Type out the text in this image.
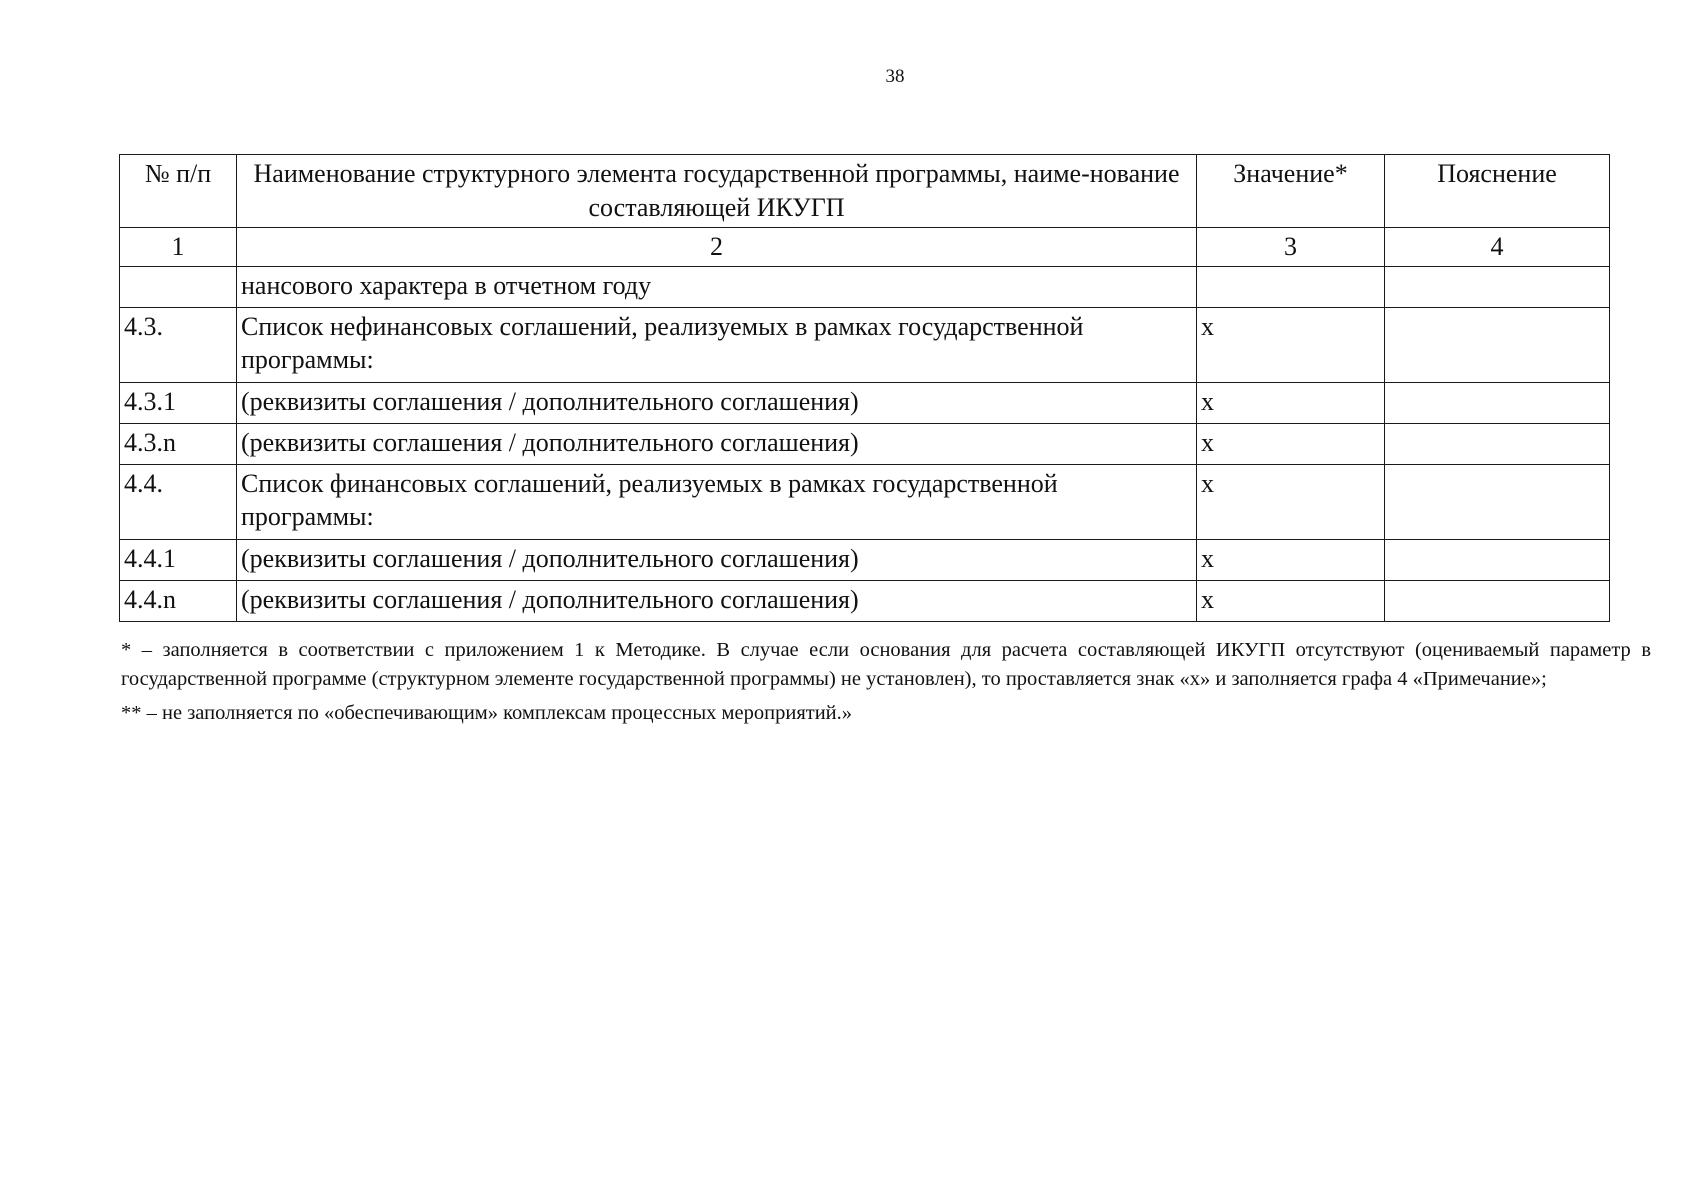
38
№ п/п	Наименование структурного элемента государственной программы, наиме-нование составляющей ИКУГП	Значение*	Пояснение
1	2	3	4
	нансового характера в отчетном году		
4.3.	Список нефинансовых соглашений, реализуемых в рамках государственной программы:	х	
4.3.1	(реквизиты соглашения / дополнительного соглашения)	х	
4.3.n	(реквизиты соглашения / дополнительного соглашения)	х	
4.4.	Список финансовых соглашений, реализуемых в рамках государственной программы:	х	
4.4.1	(реквизиты соглашения / дополнительного соглашения)	х	
4.4.n	(реквизиты соглашения / дополнительного соглашения)	х	

* – заполняется в соответствии с приложением 1 к Методике. В случае если основания для расчета составляющей ИКУГП отсутствуют (оцениваемый параметр в государственной программе (структурном элементе государственной программы) не установлен), то проставляется знак «х» и заполняется графа 4 «Примечание»;

** – не заполняется по «обеспечивающим» комплексам процессных мероприятий.»
